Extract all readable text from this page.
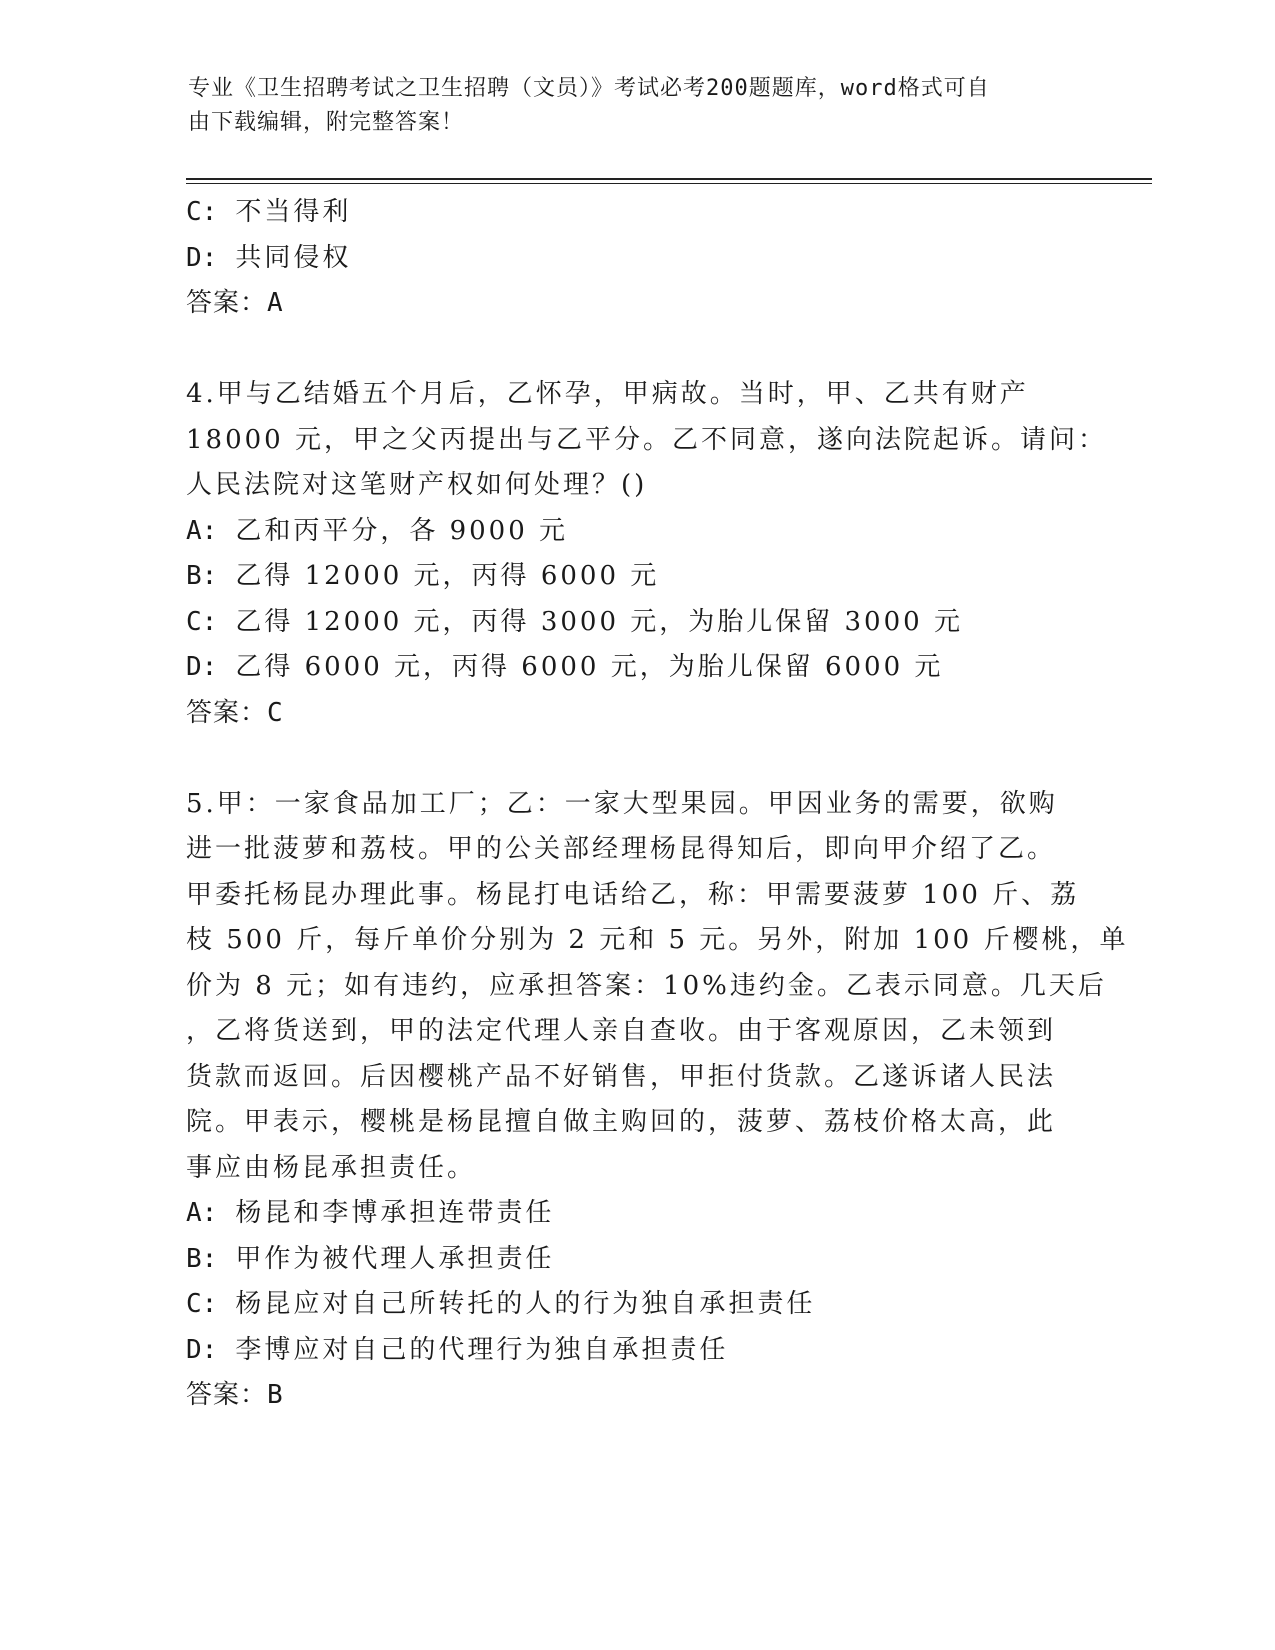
专业《卫生招聘考试之卫生招聘（文员）》考试必考200题题库，word格式可自
由下载编辑，附完整答案！
C: 不当得利
D: 共同侵权
答案：A
4.甲与乙结婚五个月后，乙怀孕，甲病故。当时，甲、乙共有财产
18000 元，甲之父丙提出与乙平分。乙不同意，遂向法院起诉。请问：
人民法院对这笔财产权如何处理？()
A: 乙和丙平分，各 9000 元
B: 乙得 12000 元，丙得 6000 元
C: 乙得 12000 元，丙得 3000 元，为胎儿保留 3000 元
D: 乙得 6000 元，丙得 6000 元，为胎儿保留 6000 元
答案：C
5.甲：一家食品加工厂；乙：一家大型果园。甲因业务的需要，欲购
进一批菠萝和荔枝。甲的公关部经理杨昆得知后，即向甲介绍了乙。
甲委托杨昆办理此事。杨昆打电话给乙，称：甲需要菠萝 100 斤、荔
枝 500 斤，每斤单价分别为 2 元和 5 元。另外，附加 100 斤樱桃，单
价为 8 元；如有违约，应承担答案：10%违约金。乙表示同意。几天后
，乙将货送到，甲的法定代理人亲自查收。由于客观原因，乙未领到
货款而返回。后因樱桃产品不好销售，甲拒付货款。乙遂诉诸人民法
院。甲表示，樱桃是杨昆擅自做主购回的，菠萝、荔枝价格太高，此
事应由杨昆承担责任。
A: 杨昆和李博承担连带责任
B: 甲作为被代理人承担责任
C: 杨昆应对自己所转托的人的行为独自承担责任
D: 李博应对自己的代理行为独自承担责任
答案：B
